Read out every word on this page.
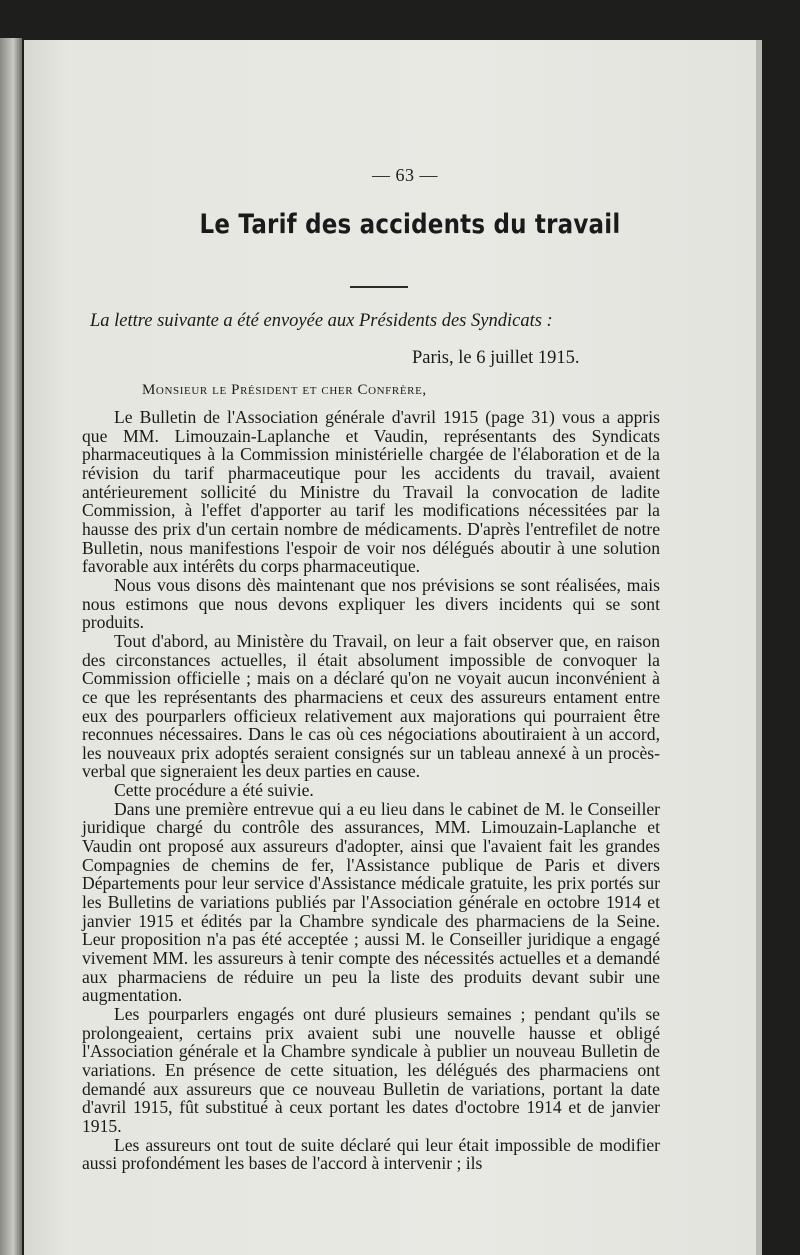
— 63 —
Le Tarif des accidents du travail
La lettre suivante a été envoyée aux Présidents des Syndicats :
Paris, le 6 juillet 1915.
Monsieur le Président et cher Confrère,

Le Bulletin de l'Association générale d'avril 1915 (page 31) vous a appris que MM. Limouzain-Laplanche et Vaudin, représentants des Syndicats pharmaceutiques à la Commission ministérielle chargée de l'élaboration et de la révision du tarif pharmaceutique pour les accidents du travail, avaient antérieurement sollicité du Ministre du Travail la convocation de ladite Commission, à l'effet d'apporter au tarif les modifications nécessitées par la hausse des prix d'un certain nombre de médicaments. D'après l'entrefilet de notre Bulletin, nous manifestions l'espoir de voir nos délégués aboutir à une solution favorable aux intérêts du corps pharmaceutique.

Nous vous disons dès maintenant que nos prévisions se sont réalisées, mais nous estimons que nous devons expliquer les divers incidents qui se sont produits.

Tout d'abord, au Ministère du Travail, on leur a fait observer que, en raison des circonstances actuelles, il était absolument impossible de convoquer la Commission officielle ; mais on a déclaré qu'on ne voyait aucun inconvénient à ce que les représentants des pharmaciens et ceux des assureurs entament entre eux des pourparlers officieux relativement aux majorations qui pourraient être reconnues nécessaires. Dans le cas où ces négociations aboutiraient à un accord, les nouveaux prix adoptés seraient consignés sur un tableau annexé à un procès-verbal que signeraient les deux parties en cause.

Cette procédure a été suivie.

Dans une première entrevue qui a eu lieu dans le cabinet de M. le Conseiller juridique chargé du contrôle des assurances, MM. Limouzain-Laplanche et Vaudin ont proposé aux assureurs d'adopter, ainsi que l'avaient fait les grandes Compagnies de chemins de fer, l'Assistance publique de Paris et divers Départements pour leur service d'Assistance médicale gratuite, les prix portés sur les Bulletins de variations publiés par l'Association générale en octobre 1914 et janvier 1915 et édités par la Chambre syndicale des pharmaciens de la Seine. Leur proposition n'a pas été acceptée ; aussi M. le Conseiller juridique a engagé vivement MM. les assureurs à tenir compte des nécessités actuelles et a demandé aux pharmaciens de réduire un peu la liste des produits devant subir une augmentation.

Les pourparlers engagés ont duré plusieurs semaines ; pendant qu'ils se prolongeaient, certains prix avaient subi une nouvelle hausse et obligé l'Association générale et la Chambre syndicale à publier un nouveau Bulletin de variations. En présence de cette situation, les délégués des pharmaciens ont demandé aux assureurs que ce nouveau Bulletin de variations, portant la date d'avril 1915, fût substitué à ceux portant les dates d'octobre 1914 et de janvier 1915.

Les assureurs ont tout de suite déclaré qui leur était impossible de modifier aussi profondément les bases de l'accord à intervenir ; ils
